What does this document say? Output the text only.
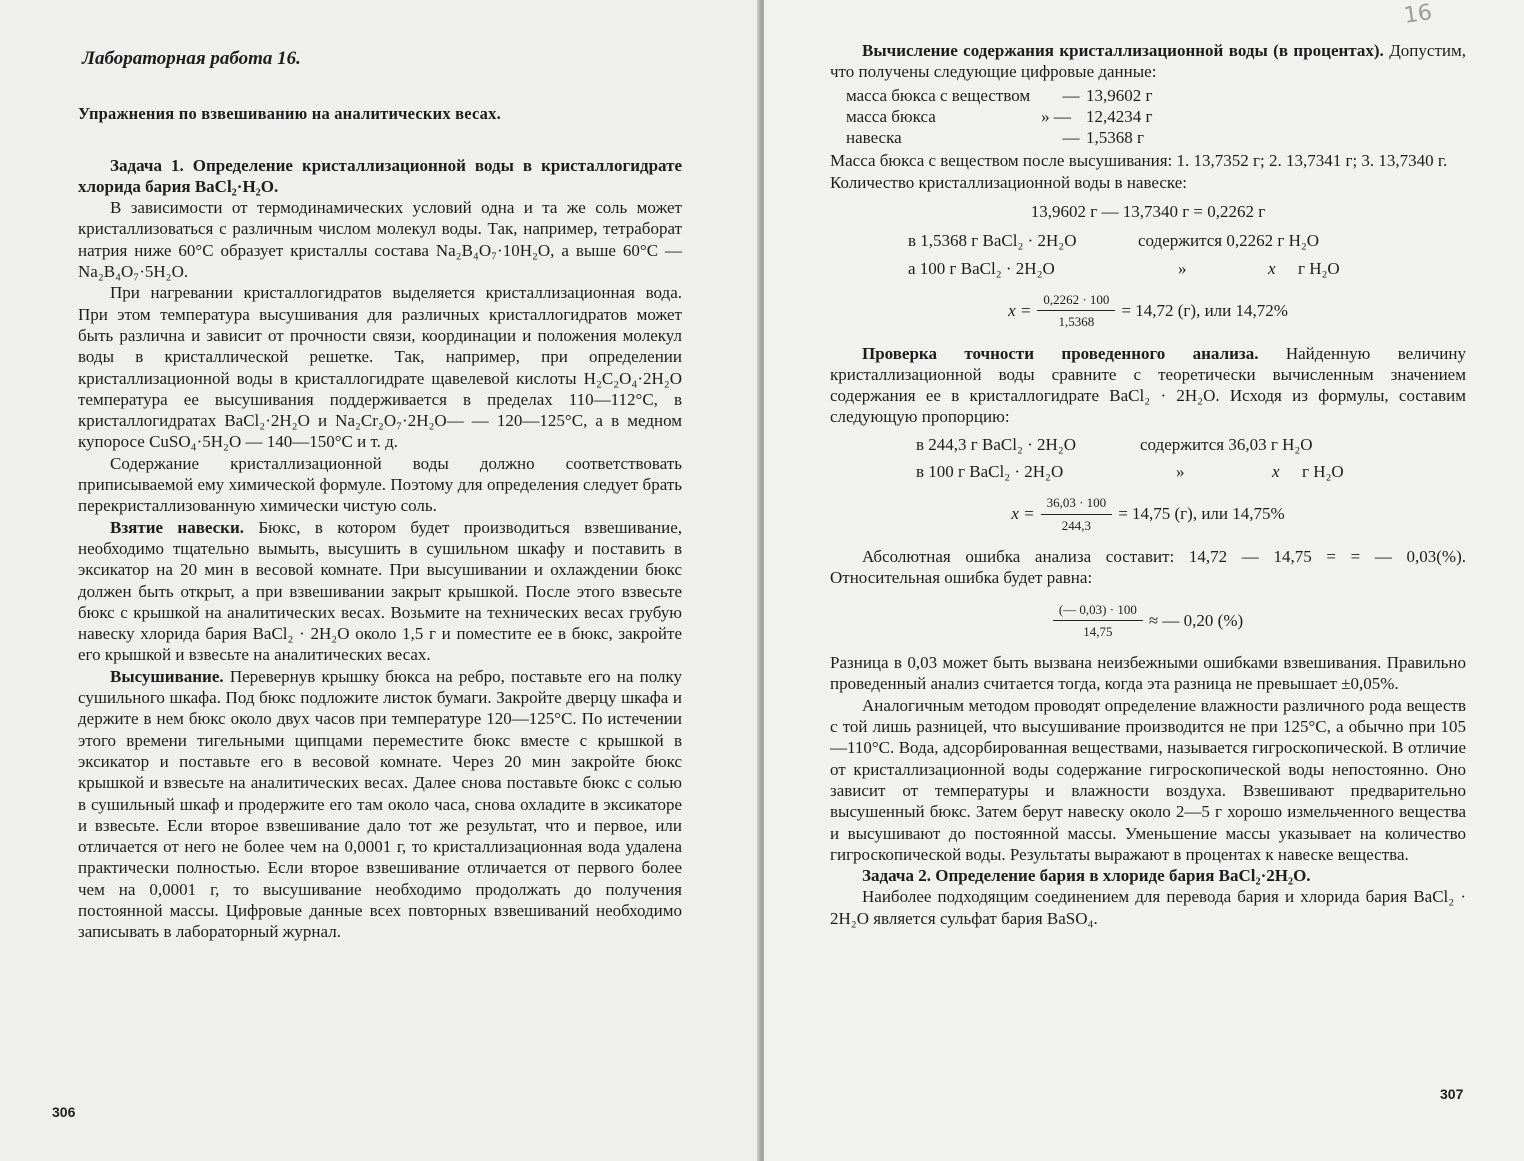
Лабораторная работа 16.

Упражнения по взвешиванию на аналитических весах.

Задача 1. Определение кристаллизационной воды в кристаллогидрате хлорида бария BaCl₂·H₂O.

В зависимости от термодинамических условий одна и та же соль может кристаллизоваться с различным числом молекул воды. Так, например, тетраборат натрия ниже 60°С образует кристаллы состава Na₂B₄O₇·10H₂O, а выше 60°С — Na₂B₄O₇·5H₂O.

При нагревании кристаллогидратов выделяется кристаллизационная вода. При этом температура высушивания для различных кристаллогидратов может быть различна и зависит от прочности связи, координации и положения молекул воды в кристаллической решетке. Так, например, при определении кристаллизационной воды в кристаллогидрате щавелевой кислоты H₂C₂O₄·2H₂O температура ее высушивания поддерживается в пределах 110—112°С, в кристаллогидратах BaCl₂·2H₂O и Na₂Cr₂O₇·2H₂O— — 120—125°С, а в медном купоросе CuSO₄·5H₂O — 140—150°С и т. д.

Содержание кристаллизационной воды должно соответствовать приписываемой ему химической формуле. Поэтому для определения следует брать перекристаллизованную химически чистую соль.

Взятие навески. Бюкс, в котором будет производиться взвешивание, необходимо тщательно вымыть, высушить в сушильном шкафу и поставить в эксикатор на 20 мин в весовой комнате. При высушивании и охлаждении бюкс должен быть открыт, а при взвешивании закрыт крышкой. После этого взвесьте бюкс с крышкой на аналитических весах. Возьмите на технических весах грубую навеску хлорида бария BaCl₂ · 2H₂O около 1,5 г и поместите ее в бюкс, закройте его крышкой и взвесьте на аналитических весах.

Высушивание. Перевернув крышку бюкса на ребро, поставьте его на полку сушильного шкафа. Под бюкс подложите листок бумаги. Закройте дверцу шкафа и держите в нем бюкс около двух часов при температуре 120—125°С. По истечении этого времени тигельными щипцами переместите бюкс вместе с крышкой в эксикатор и поставьте его в весовой комнате. Через 20 мин закройте бюкс крышкой и взвесьте на аналитических весах. Далее снова поставьте бюкс с солью в сушильный шкаф и продержите его там около часа, снова охладите в эксикаторе и взвесьте. Если второе взвешивание дало тот же результат, что и первое, или отличается от него не более чем на 0,0001 г, то кристаллизационная вода удалена практически полностью. Если второе взвешивание отличается от первого более чем на 0,0001 г, то высушивание необходимо продолжать до получения постоянной массы. Цифровые данные всех повторных взвешиваний необходимо записывать в лабораторный журнал.

306
16

Вычисление содержания кристаллизационной воды (в процентах). Допустим, что получены следующие цифровые данные:

масса бюкса с веществом	— 13,9602 г
масса бюкса	» — 12,4234 г
навеска	— 1,5368 г

Масса бюкса с веществом после высушивания: 1. 13,7352 г; 2. 13,7341 г; 3. 13,7340 г.

Количество кристаллизационной воды в навеске:

13,9602 г — 13,7340 г = 0,2262 г
в 1,5368 г BaCl₂ · 2H₂O	содержится 0,2262 г H₂O
а 100 г BaCl₂ · 2H₂O	»	x	г H₂O
$x = \frac{0,2262 \cdot 100}{1,5368} = 14,72$ (г), или 14,72%

Проверка точности проведенного анализа. Найденную величину кристаллизационной воды сравните с теоретически вычисленным значением содержания ее в кристаллогидрате BaCl₂ · 2H₂O. Исходя из формулы, составим следующую пропорцию:

в 244,3 г BaCl₂ · 2H₂O	содержится 36,03 г H₂O
в 100 г BaCl₂ · 2H₂O	»	x	г H₂O
$x = \frac{36,03 \cdot 100}{244,3} = 14,75$ (г), или 14,75%

Абсолютная ошибка анализа составит: 14,72 — 14,75 = = — 0,03(%). Относительная ошибка будет равна:

$\frac{(— 0,03) \cdot 100}{14,75}$ ≈ — 0,20 (%)

Разница в 0,03 может быть вызвана неизбежными ошибками взвешивания. Правильно проведенный анализ считается тогда, когда эта разница не превышает ±0,05%.

Аналогичным методом проводят определение влажности различного рода веществ с той лишь разницей, что высушивание производится не при 125°С, а обычно при 105—110°С. Вода, адсорбированная веществами, называется гигроскопической. В отличие от кристаллизационной воды содержание гигроскопической воды непостоянно. Оно зависит от температуры и влажности воздуха. Взвешивают предварительно высушенный бюкс. Затем берут навеску около 2—5 г хорошо измельченного вещества и высушивают до постоянной массы. Уменьшение массы указывает на количество гигроскопической воды. Результаты выражают в процентах к навеске вещества.

Задача 2. Определение бария в хлориде бария BaCl₂·2H₂O.

Наиболее подходящим соединением для перевода бария и хлорида бария BaCl₂ · 2H₂O является сульфат бария BaSO₄.

307
